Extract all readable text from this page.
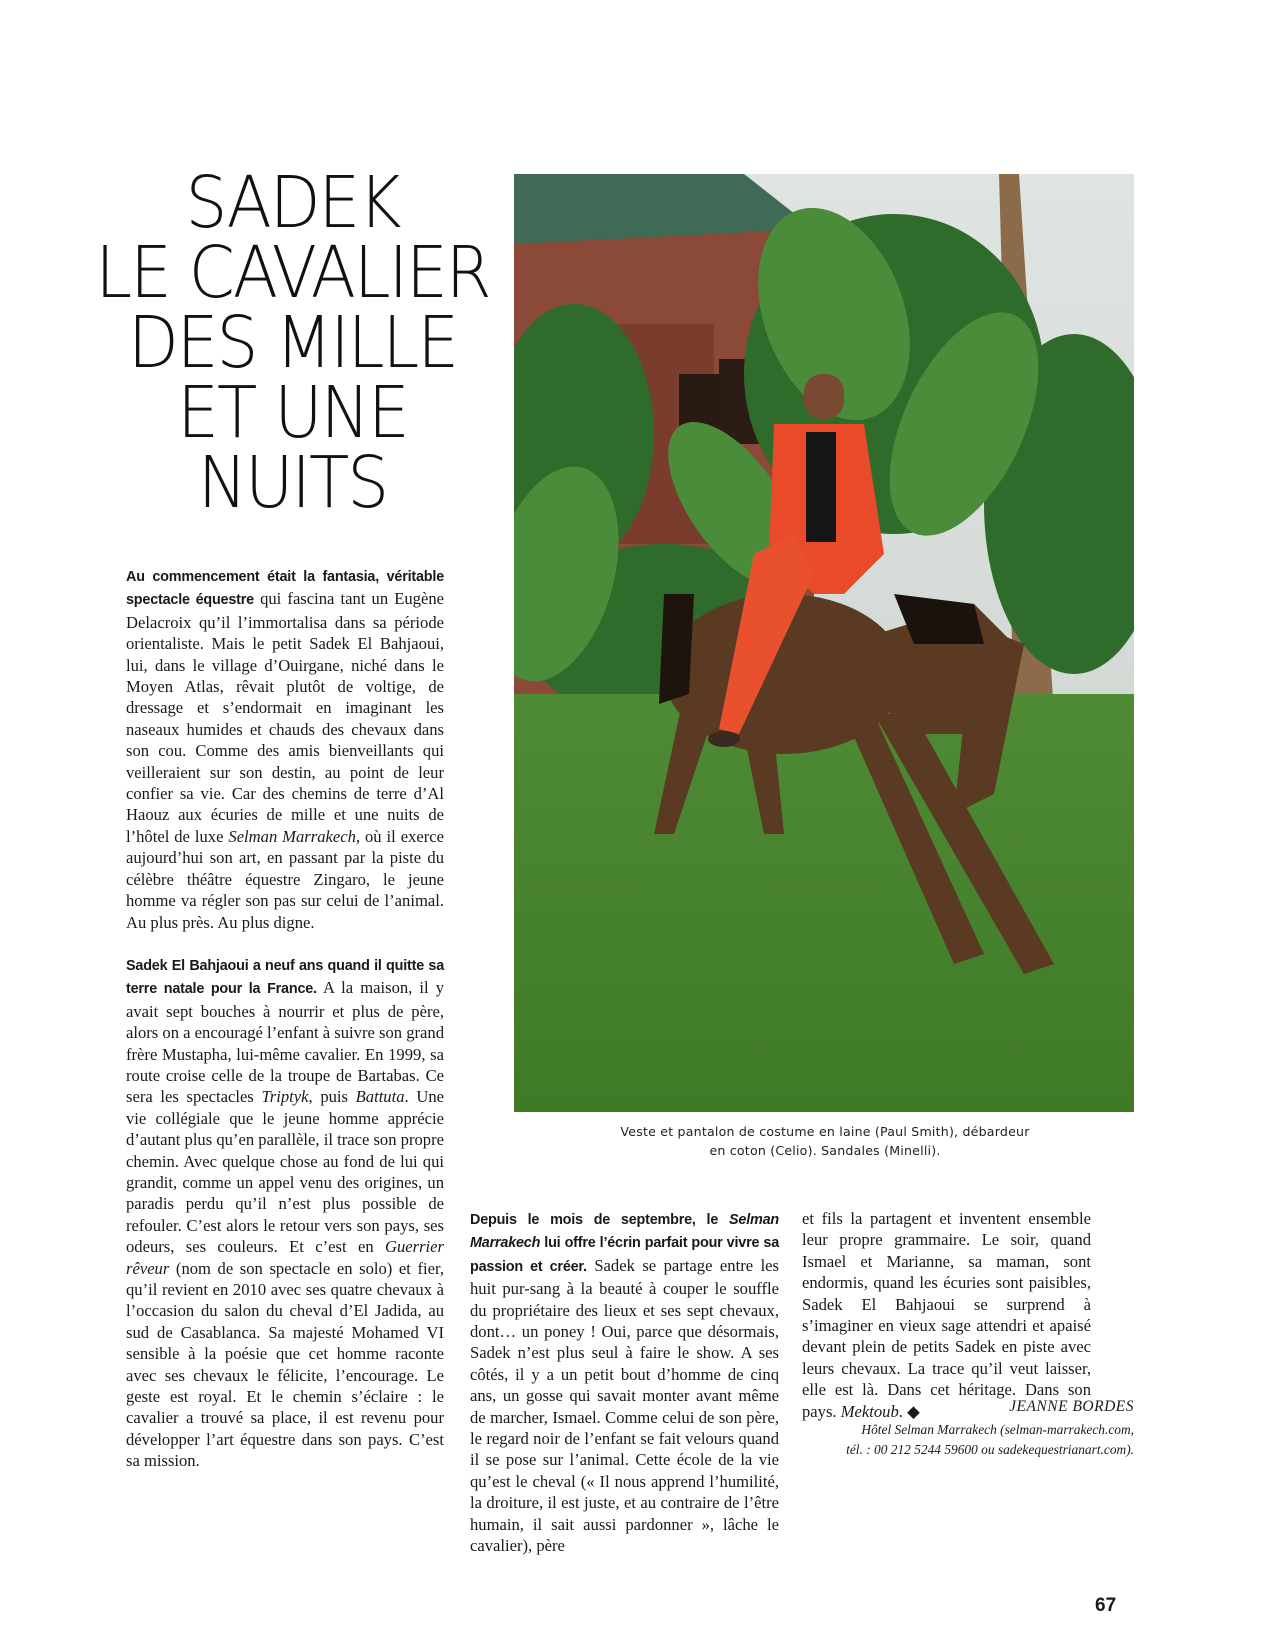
SADEK
LE CAVALIER
DES MILLE
ET UNE
NUITS

Au commencement était la fantasia, véritable spectacle équestre qui fascina tant un Eugène Delacroix qu’il l’immortalisa dans sa période orientaliste. Mais le petit Sadek El Bahjaoui, lui, dans le village d’Ouirgane, niché dans le Moyen Atlas, rêvait plutôt de voltige, de dressage et s’endormait en imaginant les naseaux humides et chauds des chevaux dans son cou. Comme des amis bienveillants qui veilleraient sur son destin, au point de leur confier sa vie. Car des chemins de terre d’Al Haouz aux écuries de mille et une nuits de l’hôtel de luxe Selman Marrakech, où il exerce aujourd’hui son art, en passant par la piste du célèbre théâtre équestre Zingaro, le jeune homme va régler son pas sur celui de l’animal. Au plus près. Au plus digne.

Sadek El Bahjaoui a neuf ans quand il quitte sa terre natale pour la France. A la maison, il y avait sept bouches à nourrir et plus de père, alors on a encouragé l’enfant à suivre son grand frère Mustapha, lui-même cavalier. En 1999, sa route croise celle de la troupe de Bartabas. Ce sera les spectacles Triptyk, puis Battuta. Une vie collégiale que le jeune homme apprécie d’autant plus qu’en parallèle, il trace son propre chemin. Avec quelque chose au fond de lui qui grandit, comme un appel venu des origines, un paradis perdu qu’il n’est plus possible de refouler. C’est alors le retour vers son pays, ses odeurs, ses couleurs. Et c’est en Guerrier rêveur (nom de son spectacle en solo) et fier, qu’il revient en 2010 avec ses quatre chevaux à l’occasion du salon du cheval d’El Jadida, au sud de Casablanca. Sa majesté Mohamed VI sensible à la poésie que cet homme raconte avec ses chevaux le félicite, l’encourage. Le geste est royal. Et le chemin s’éclaire : le cavalier a trouvé sa place, il est revenu pour développer l’art équestre dans son pays. C’est sa mission.

Veste et pantalon de costume en laine (Paul Smith), débardeur
en coton (Celio). Sandales (Minelli).

Depuis le mois de septembre, le Selman Marrakech lui offre l’écrin parfait pour vivre sa passion et créer. Sadek se partage entre les huit pur-sang à la beauté à couper le souffle du propriétaire des lieux et ses sept chevaux, dont… un poney ! Oui, parce que désormais, Sadek n’est plus seul à faire le show. A ses côtés, il y a un petit bout d’homme de cinq ans, un gosse qui savait monter avant même de marcher, Ismael. Comme celui de son père, le regard noir de l’enfant se fait velours quand il se pose sur l’animal. Cette école de la vie qu’est le cheval (« Il nous apprend l’humilité, la droiture, il est juste, et au contraire de l’être humain, il sait aussi pardonner », lâche le cavalier), père

et fils la partagent et inventent ensemble leur propre grammaire. Le soir, quand Ismael et Marianne, sa maman, sont endormis, quand les écuries sont paisibles, Sadek El Bahjaoui se surprend à s’imaginer en vieux sage attendri et apaisé devant plein de petits Sadek en piste avec leurs chevaux. La trace qu’il veut laisser, elle est là. Dans cet héritage. Dans son pays. Mektoub. ◆	JEANNE BORDES
Hôtel Selman Marrakech (selman-marrakech.com,
tél. : 00 212 5244 59600 ou sadekequestrianart.com).
67
